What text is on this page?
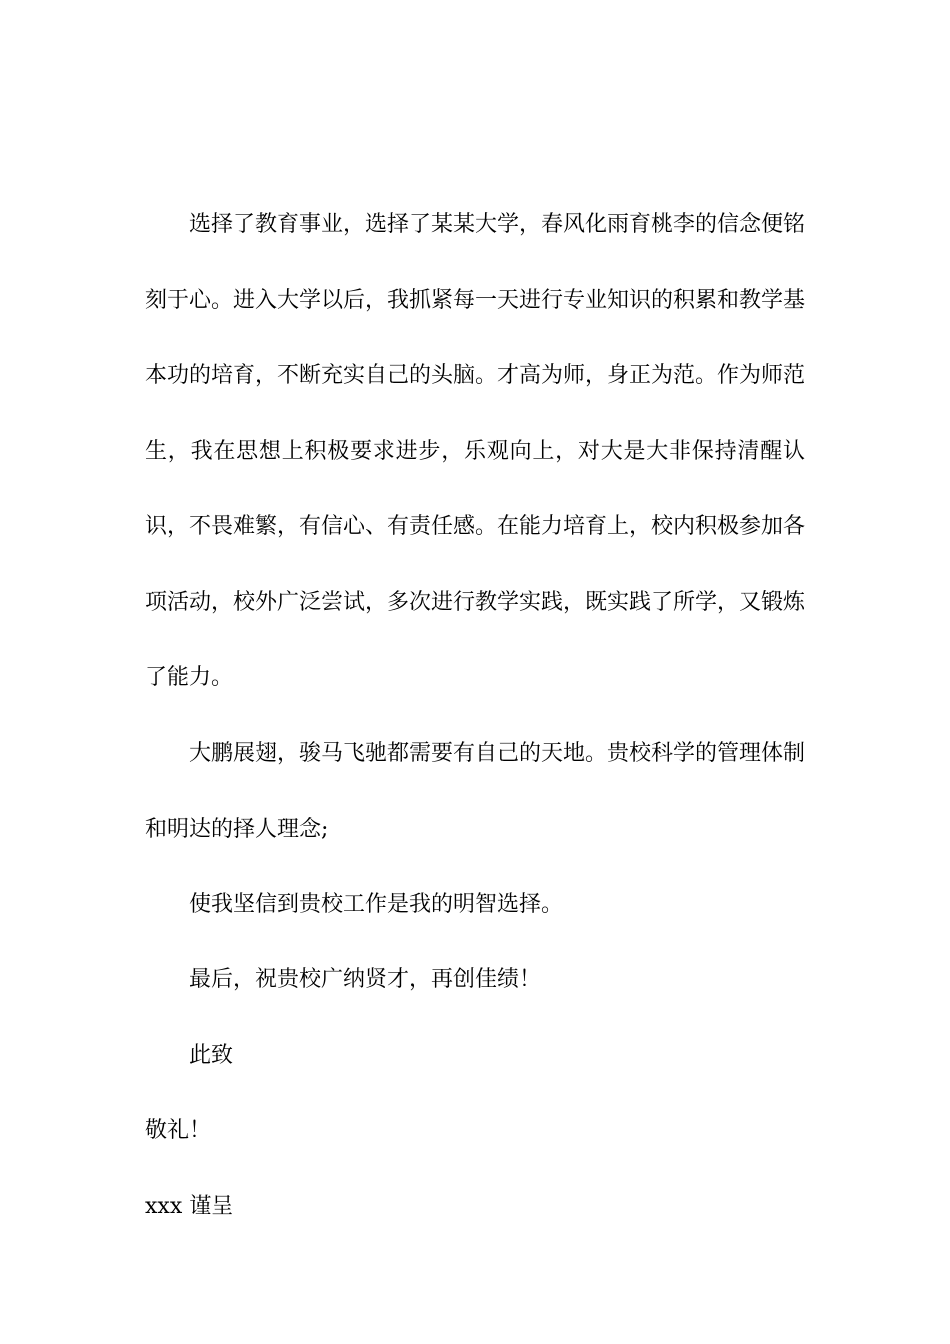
选择了教育事业，选择了某某大学，春风化雨育桃李的信念便铭刻于心。进入大学以后，我抓紧每一天进行专业知识的积累和教学基本功的培育，不断充实自己的头脑。才高为师，身正为范。作为师范生，我在思想上积极要求进步，乐观向上，对大是大非保持清醒认识，不畏难繁，有信心、有责任感。在能力培育上，校内积极参加各项活动，校外广泛尝试，多次进行教学实践，既实践了所学，又锻炼了能力。

大鹏展翅，骏马飞驰都需要有自己的天地。贵校科学的管理体制和明达的择人理念;

使我坚信到贵校工作是我的明智选择。

最后，祝贵校广纳贤才，再创佳绩！

此致

敬礼！

xxx 谨呈
